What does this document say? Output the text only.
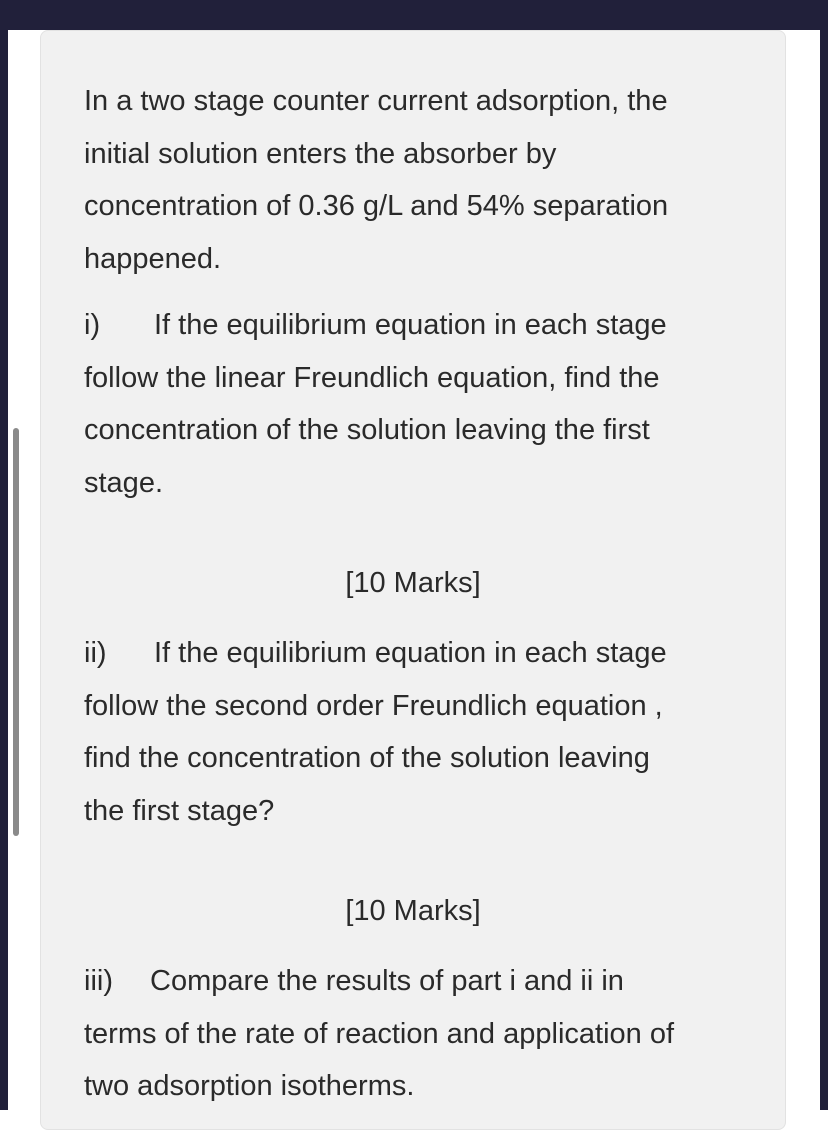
In a two stage counter current adsorption, the
initial solution enters the absorber by
concentration of 0.36 g/L and 54% separation
happened.
i) If the equilibrium equation in each stage
follow the linear Freundlich equation, find the
concentration of the solution leaving the first
stage.
[10 Marks]
ii) If the equilibrium equation in each stage
follow the second order Freundlich equation ,
find the concentration of the solution leaving
the first stage?
[10 Marks]
iii) Compare the results of part i and ii in
terms of the rate of reaction and application of
two adsorption isotherms.
